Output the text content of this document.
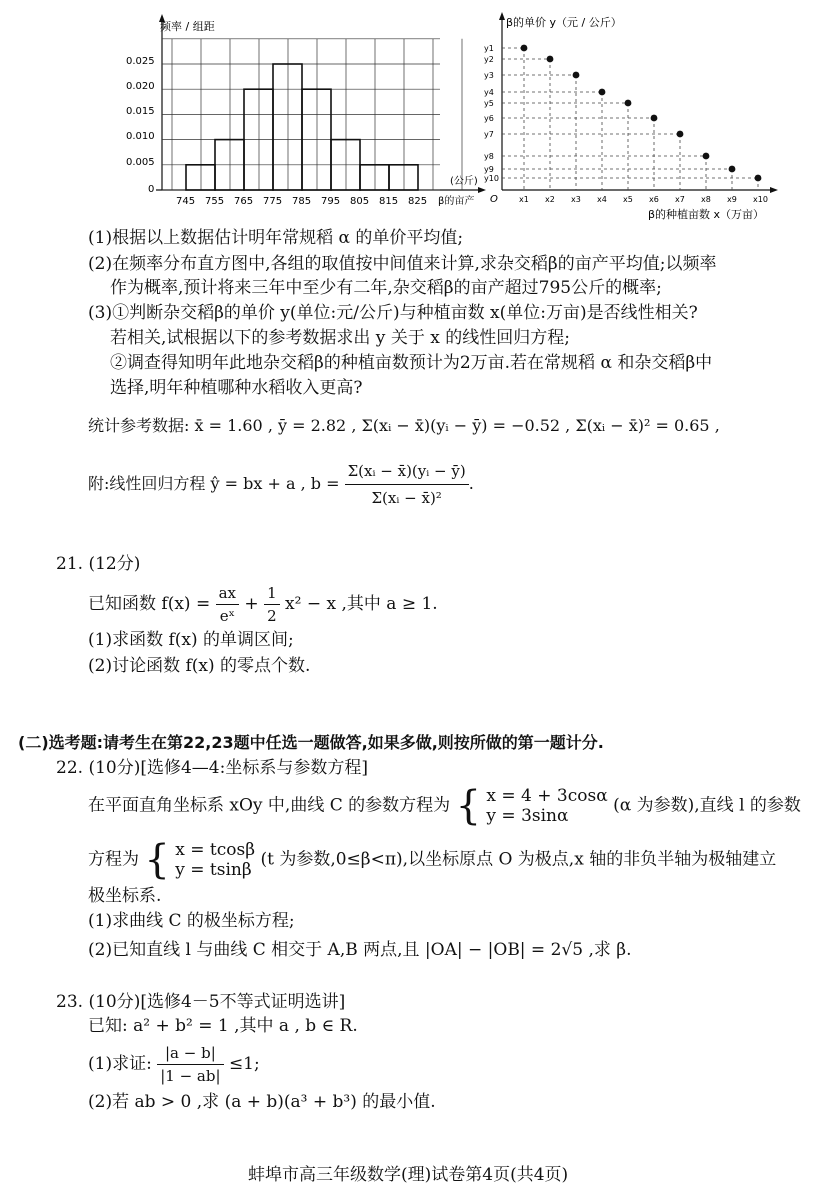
频率 / 组距
0.025
0.020
0.015
0.010
0.005
0
745 755 765 775 785 795 805 815 825
(公斤)
β的亩产
β的单价 y（元 / 公斤）
O
y1
y2
y3
y4
y5
y6
y7
y8
y9
y10
x1 x2 x3 x4 x5 x6 x7 x8 x9 x10
β的种植亩数 x（万亩）
(1)根据以上数据估计明年常规稻 α 的单价平均值;
(2)在频率分布直方图中,各组的取值按中间值来计算,求杂交稻β的亩产平均值;以频率
作为概率,预计将来三年中至少有二年,杂交稻β的亩产超过795公斤的概率;
(3)①判断杂交稻β的单价 y(单位:元/公斤)与种植亩数 x(单位:万亩)是否线性相关?
若相关,试根据以下的参考数据求出 y 关于 x 的线性回归方程;
②调查得知明年此地杂交稻β的种植亩数预计为2万亩.若在常规稻 α 和杂交稻β中
选择,明年种植哪种水稻收入更高?
统计参考数据: x̄ = 1.60 , ȳ = 2.82 , Σ(xᵢ − x̄)(yᵢ − ȳ) = −0.52 , Σ(xᵢ − x̄)² = 0.65 ,
附:线性回归方程 ŷ = bx + a , $b = \frac{\text{Σ(xᵢ − x̄)(yᵢ − ȳ)}}{\text{Σ(xᵢ − x̄)²}}$ .
21. (12分)
已知函数 $f(x) = \frac{ax}{\text{eˣ}} + \frac{1}{2} x^2 - x$ ,其中 a ≥ 1.
(1)求函数 f(x) 的单调区间;
(2)讨论函数 f(x) 的零点个数.
(二)选考题:请考生在第22,23题中任选一题做答,如果多做,则按所做的第一题计分.
22. (10分)[选修4—4:坐标系与参数方程]
在平面直角坐标系 xOy 中,曲线 C 的参数方程为 { x = 4 + 3cosα
y = 3sinα
(α 为参数),直线 l 的参数
方程为 { x = tcosβ
y = tsinβ
(t 为参数,0≤β<π),以坐标原点 O 为极点,x 轴的非负半轴为极轴建立
极坐标系.
(1)求曲线 C 的极坐标方程;
(2)已知直线 l 与曲线 C 相交于 A,B 两点,且 |OA| − |OB| = 2√5 ,求 β.
23. (10分)[选修4－5不等式证明选讲]
已知: a² + b² = 1 ,其中 a , b ∈ R.
(1)求证: $\frac{|a - b|}{|1 - ab|} \le 1$;
(2)若 ab > 0 ,求 (a + b)(a³ + b³) 的最小值.
蚌埠市高三年级数学(理)试卷第4页(共4页)
